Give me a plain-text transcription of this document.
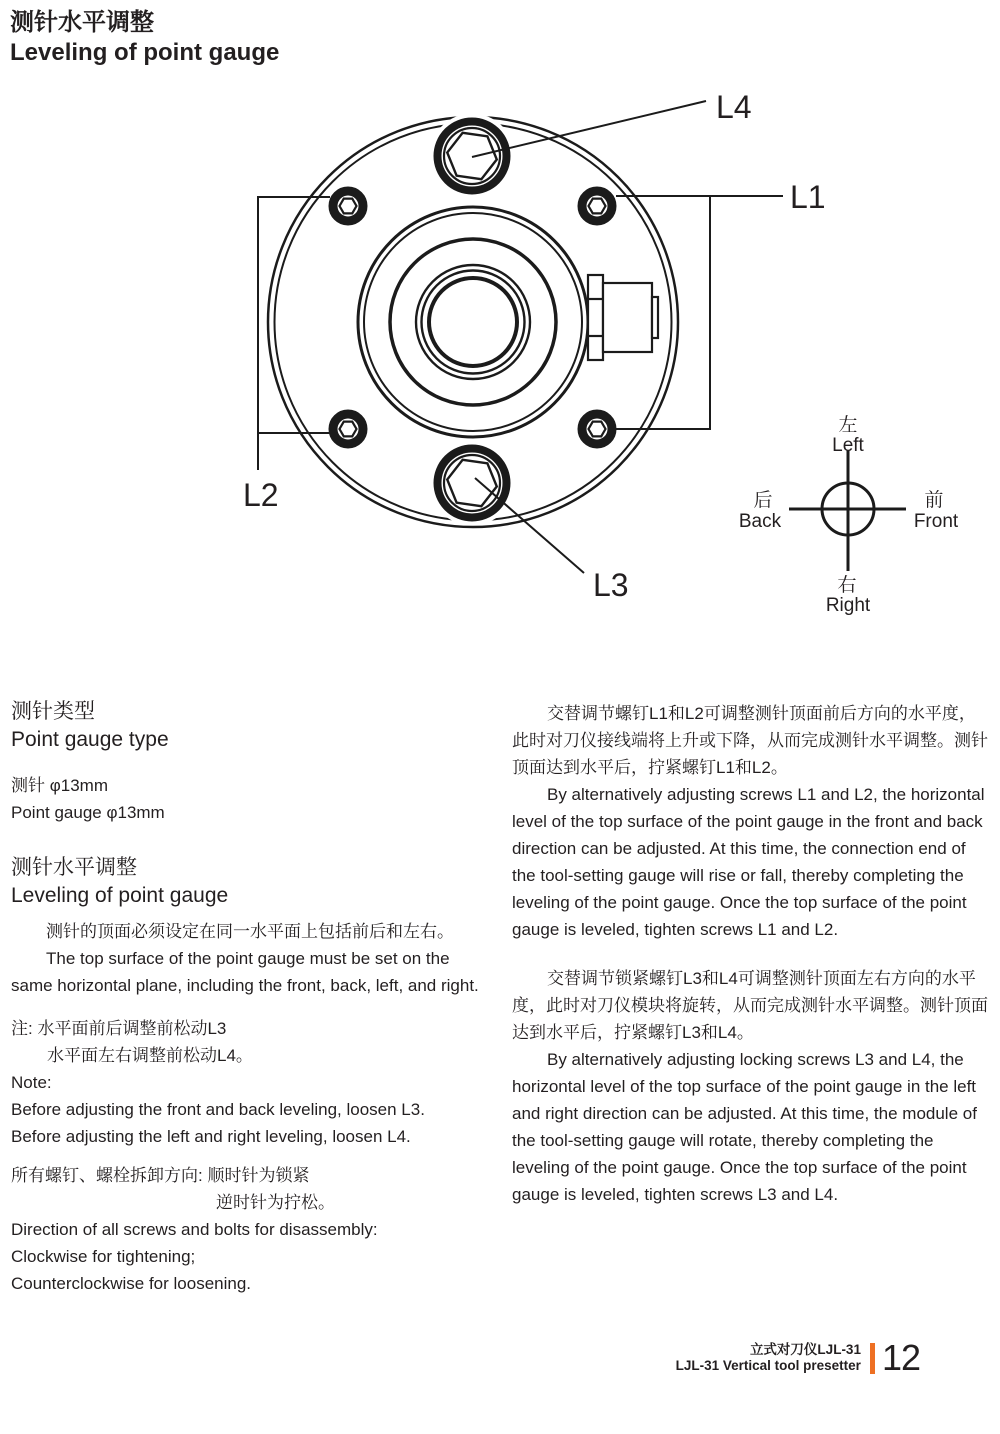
测针水平调整
Leveling of point gauge
L4
L1
L2
L3
左
Left
后
Back
前
Front
右
Right
测针类型
Point gauge type

测针 φ13mm

Point gauge φ13mm

测针水平调整
Leveling of point gauge

测针的顶面必须设定在同一水平面上包括前后和左右。

The top surface of the point gauge must be set on the same horizontal plane, including the front, back, left, and right.

注: 水平面前后调整前松动L3

水平面左右调整前松动L4。

Note:

Before adjusting the front and back leveling, loosen L3.

Before adjusting the left and right leveling, loosen L4.

所有螺钉、螺栓拆卸方向: 顺时针为锁紧

逆时针为拧松。

Direction of all screws and bolts for disassembly:

Clockwise for tightening;

Counterclockwise for loosening.

交替调节螺钉L1和L2可调整测针顶面前后方向的水平度，此时对刀仪接线端将上升或下降，从而完成测针水平调整。测针顶面达到水平后，拧紧螺钉L1和L2。

By alternatively adjusting screws L1 and L2, the horizontal level of the top surface of the point gauge in the front and back direction can be adjusted. At this time, the connection end of the tool-setting gauge will rise or fall, thereby completing the leveling of the point gauge. Once the top surface of the point gauge is leveled, tighten screws L1 and L2.

交替调节锁紧螺钉L3和L4可调整测针顶面左右方向的水平度，此时对刀仪模块将旋转，从而完成测针水平调整。测针顶面达到水平后，拧紧螺钉L3和L4。

By alternatively adjusting locking screws L3 and L4, the horizontal level of the top surface of the point gauge in the left and right direction can be adjusted. At this time, the module of the tool-setting gauge will rotate, thereby completing the leveling of the point gauge. Once the top surface of the point gauge is leveled, tighten screws L3 and L4.

立式对刀仪LJL-31
LJL-31 Vertical tool presetter 12
